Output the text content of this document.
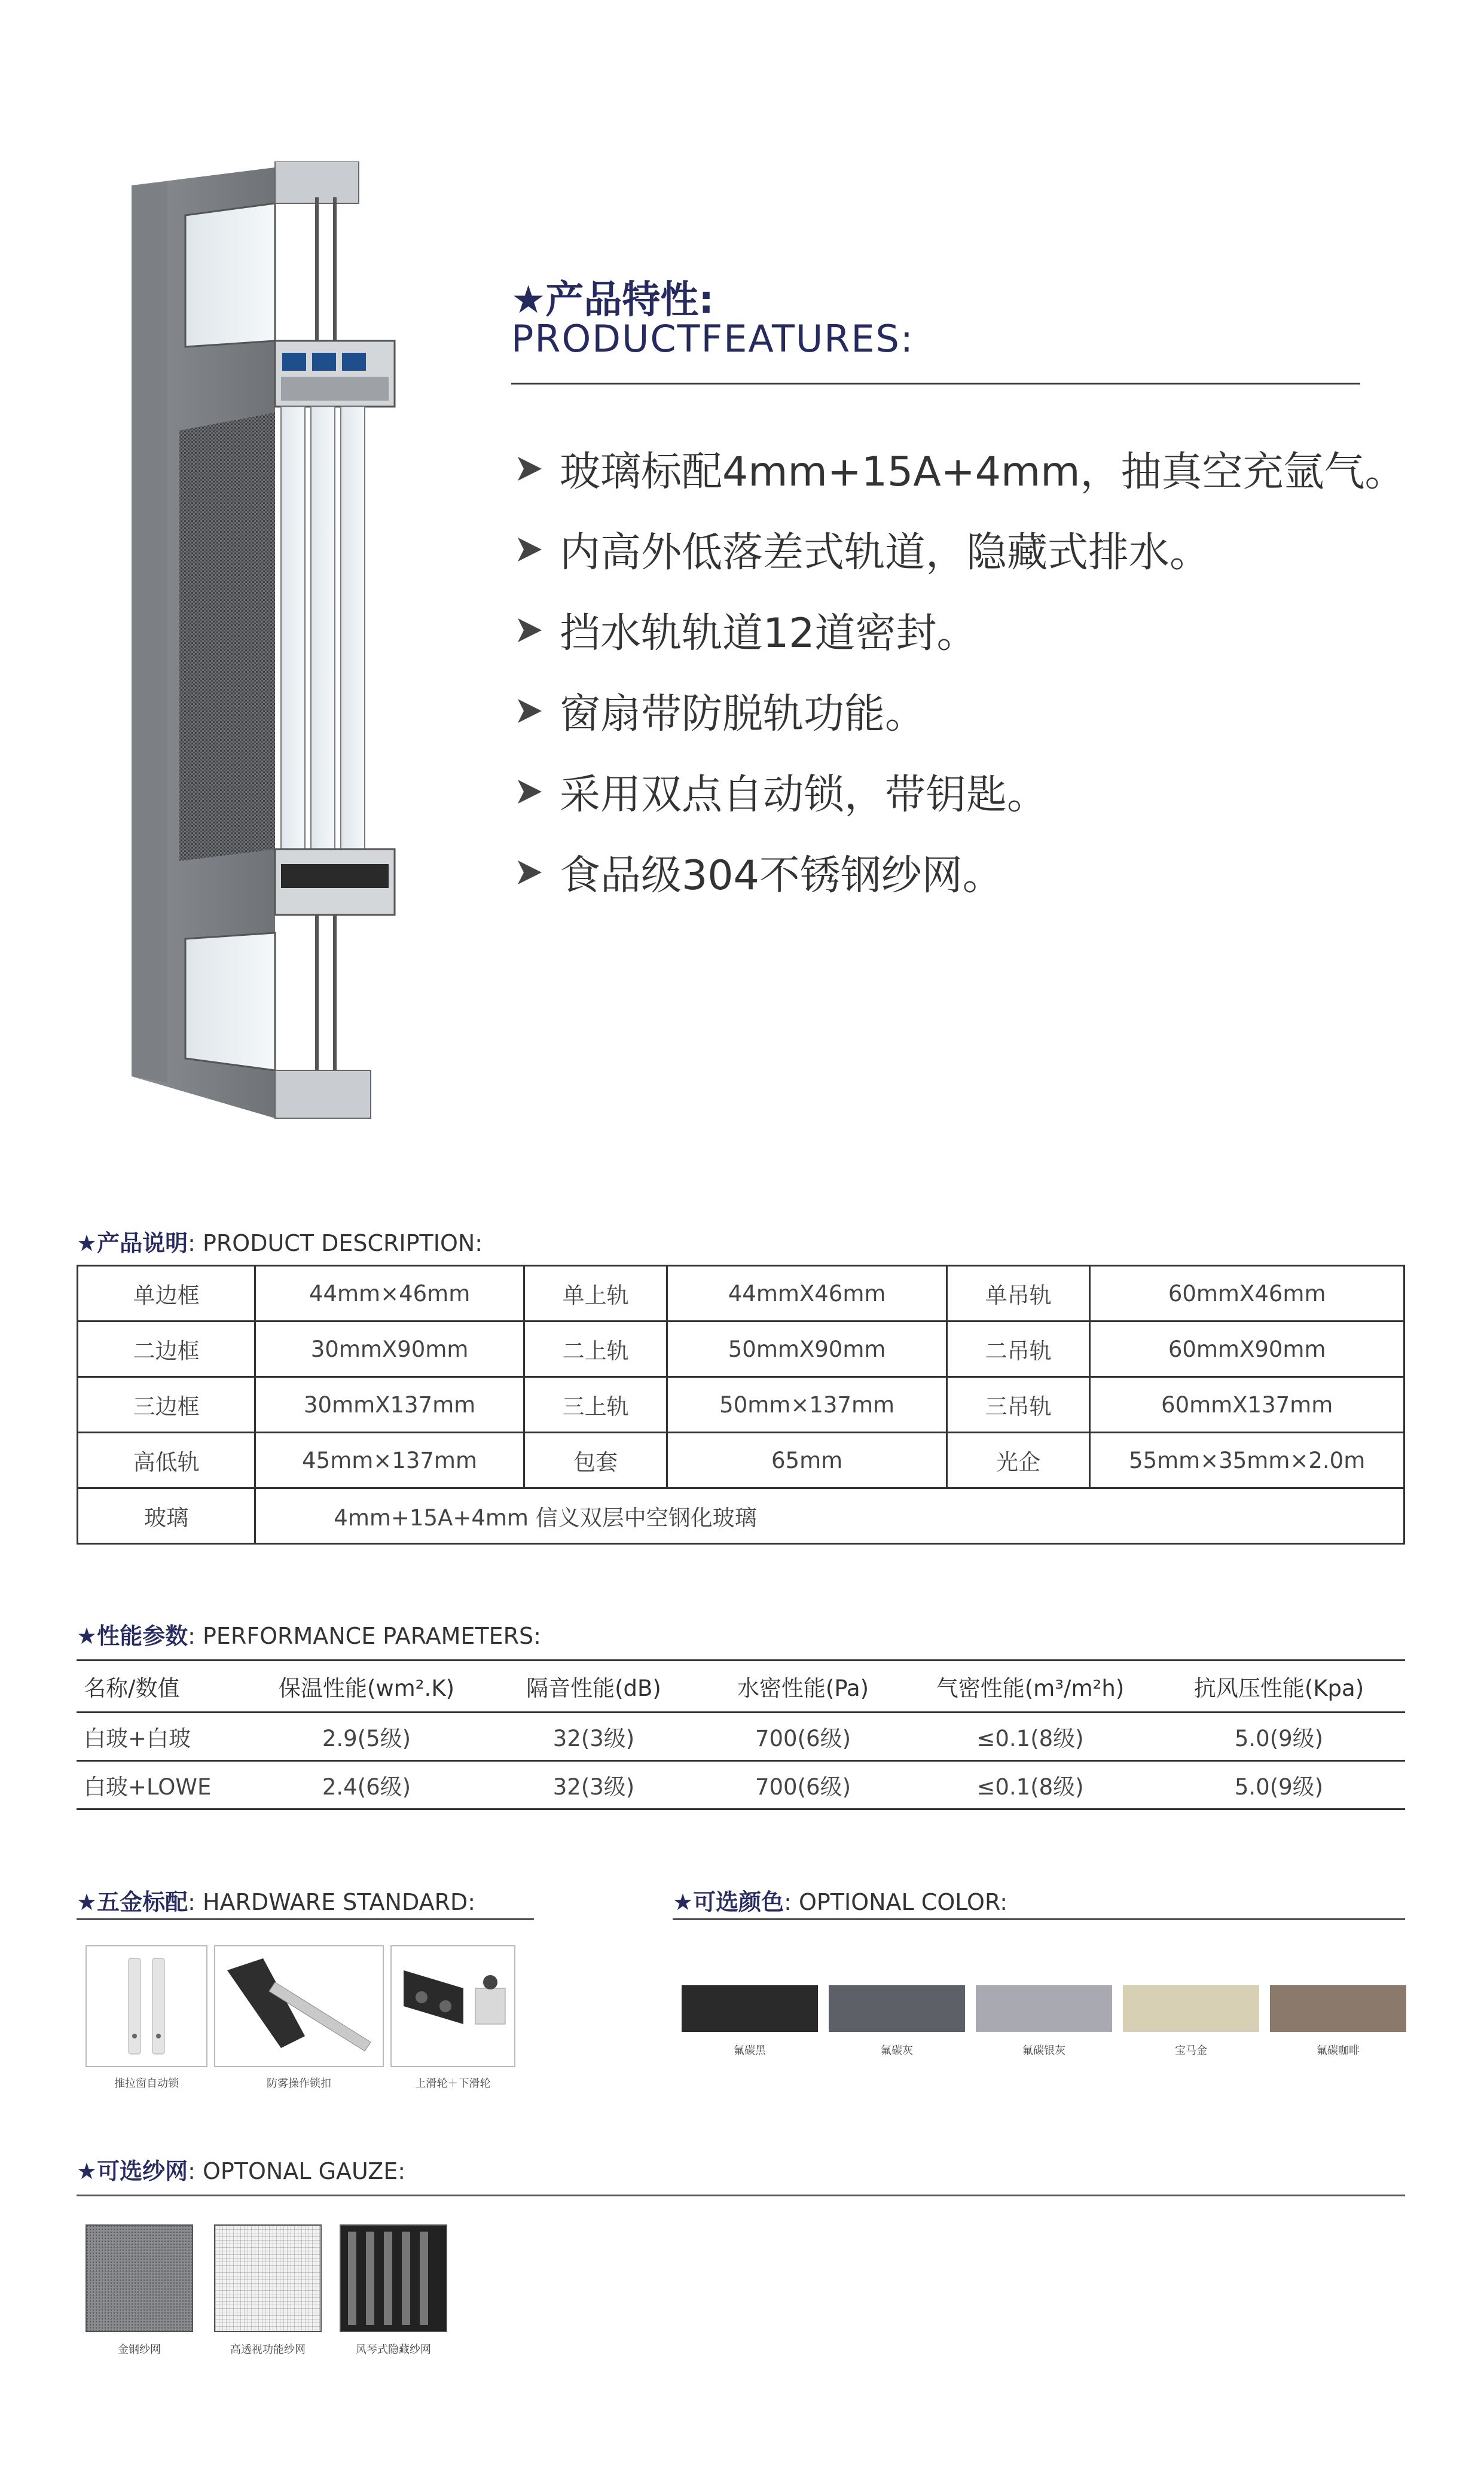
★产品特性:
PRODUCTFEATURES:
玻璃标配4mm+15A+4mm，抽真空充氩气。
内高外低落差式轨道，隐藏式排水。
挡水轨轨道12道密封。
窗扇带防脱轨功能。
采用双点自动锁，带钥匙。
食品级304不锈钢纱网。
★产品说明: PRODUCT DESCRIPTION:
单边框	44mm×46mm	单上轨	44mmX46mm	单吊轨	60mmX46mm
二边框	30mmX90mm	二上轨	50mmX90mm	二吊轨	60mmX90mm
三边框	30mmX137mm	三上轨	50mm×137mm	三吊轨	60mmX137mm
高低轨	45mm×137mm	包套	65mm	光企	55mm×35mm×2.0m
玻璃	4mm+15A+4mm 信义双层中空钢化玻璃				
★性能参数: PERFORMANCE PARAMETERS:
名称/数值	保温性能(wm².K)	隔音性能(dB)	水密性能(Pa)	气密性能(m³/m²h)	抗风压性能(Kpa)
白玻+白玻	2.9(5级)	32(3级)	700(6级)	≤0.1(8级)	5.0(9级)
白玻+LOWE	2.4(6级)	32(3级)	700(6级)	≤0.1(8级)	5.0(9级)
★五金标配: HARDWARE STANDARD:
推拉窗自动锁	防雾操作锁扣	上滑轮＋下滑轮
★可选颜色: OPTIONAL COLOR:
氟碳黑	氟碳灰	氟碳银灰	宝马金	氟碳咖啡
★可选纱网: OPTONAL GAUZE:
金钢纱网	高透视功能纱网	风琴式隐藏纱网
